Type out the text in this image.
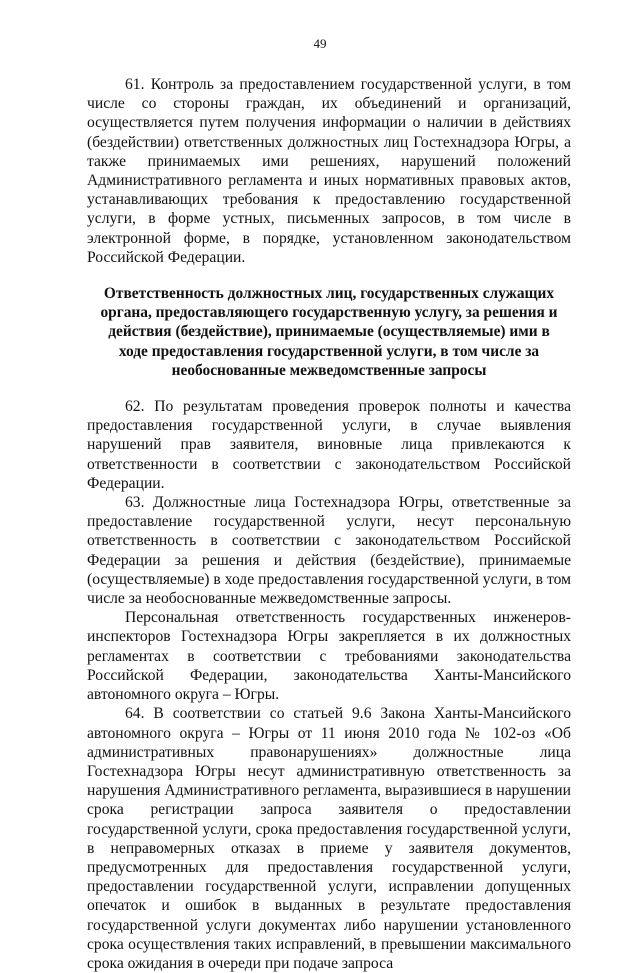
49

61. Контроль за предоставлением государственной услуги, в том числе со стороны граждан, их объединений и организаций, осуществляется путем получения информации о наличии в действиях (бездействии) ответственных должностных лиц Гостехнадзора Югры, а также принимаемых ими решениях, нарушений положений Административного регламента и иных нормативных правовых актов, устанавливающих требования к предоставлению государственной услуги, в форме устных, письменных запросов, в том числе в электронной форме, в порядке, установленном законодательством Российской Федерации.

Ответственность должностных лиц, государственных служащих органа, предоставляющего государственную услугу, за решения и действия (бездействие), принимаемые (осуществляемые) ими в ходе предоставления государственной услуги, в том числе за необоснованные межведомственные запросы

62. По результатам проведения проверок полноты и качества предоставления государственной услуги, в случае выявления нарушений прав заявителя, виновные лица привлекаются к ответственности в соответствии с законодательством Российской Федерации.

63. Должностные лица Гостехнадзора Югры, ответственные за предоставление государственной услуги, несут персональную ответственность в соответствии с законодательством Российской Федерации за решения и действия (бездействие), принимаемые (осуществляемые) в ходе предоставления государственной услуги, в том числе за необоснованные межведомственные запросы.

Персональная ответственность государственных инженеров-инспекторов Гостехнадзора Югры закрепляется в их должностных регламентах в соответствии с требованиями законодательства Российской Федерации, законодательства Ханты-Мансийского автономного округа – Югры.

64. В соответствии со статьей 9.6 Закона Ханты-Мансийского автономного округа – Югры от 11 июня 2010 года № 102-оз «Об административных правонарушениях» должностные лица Гостехнадзора Югры несут административную ответственность за нарушения Административного регламента, выразившиеся в нарушении срока регистрации запроса заявителя о предоставлении государственной услуги, срока предоставления государственной услуги, в неправомерных отказах в приеме у заявителя документов, предусмотренных для предоставления государственной услуги, предоставлении государственной услуги, исправлении допущенных опечаток и ошибок в выданных в результате предоставления государственной услуги документах либо нарушении установленного срока осуществления таких исправлений, в превышении максимального срока ожидания в очереди при подаче запроса
